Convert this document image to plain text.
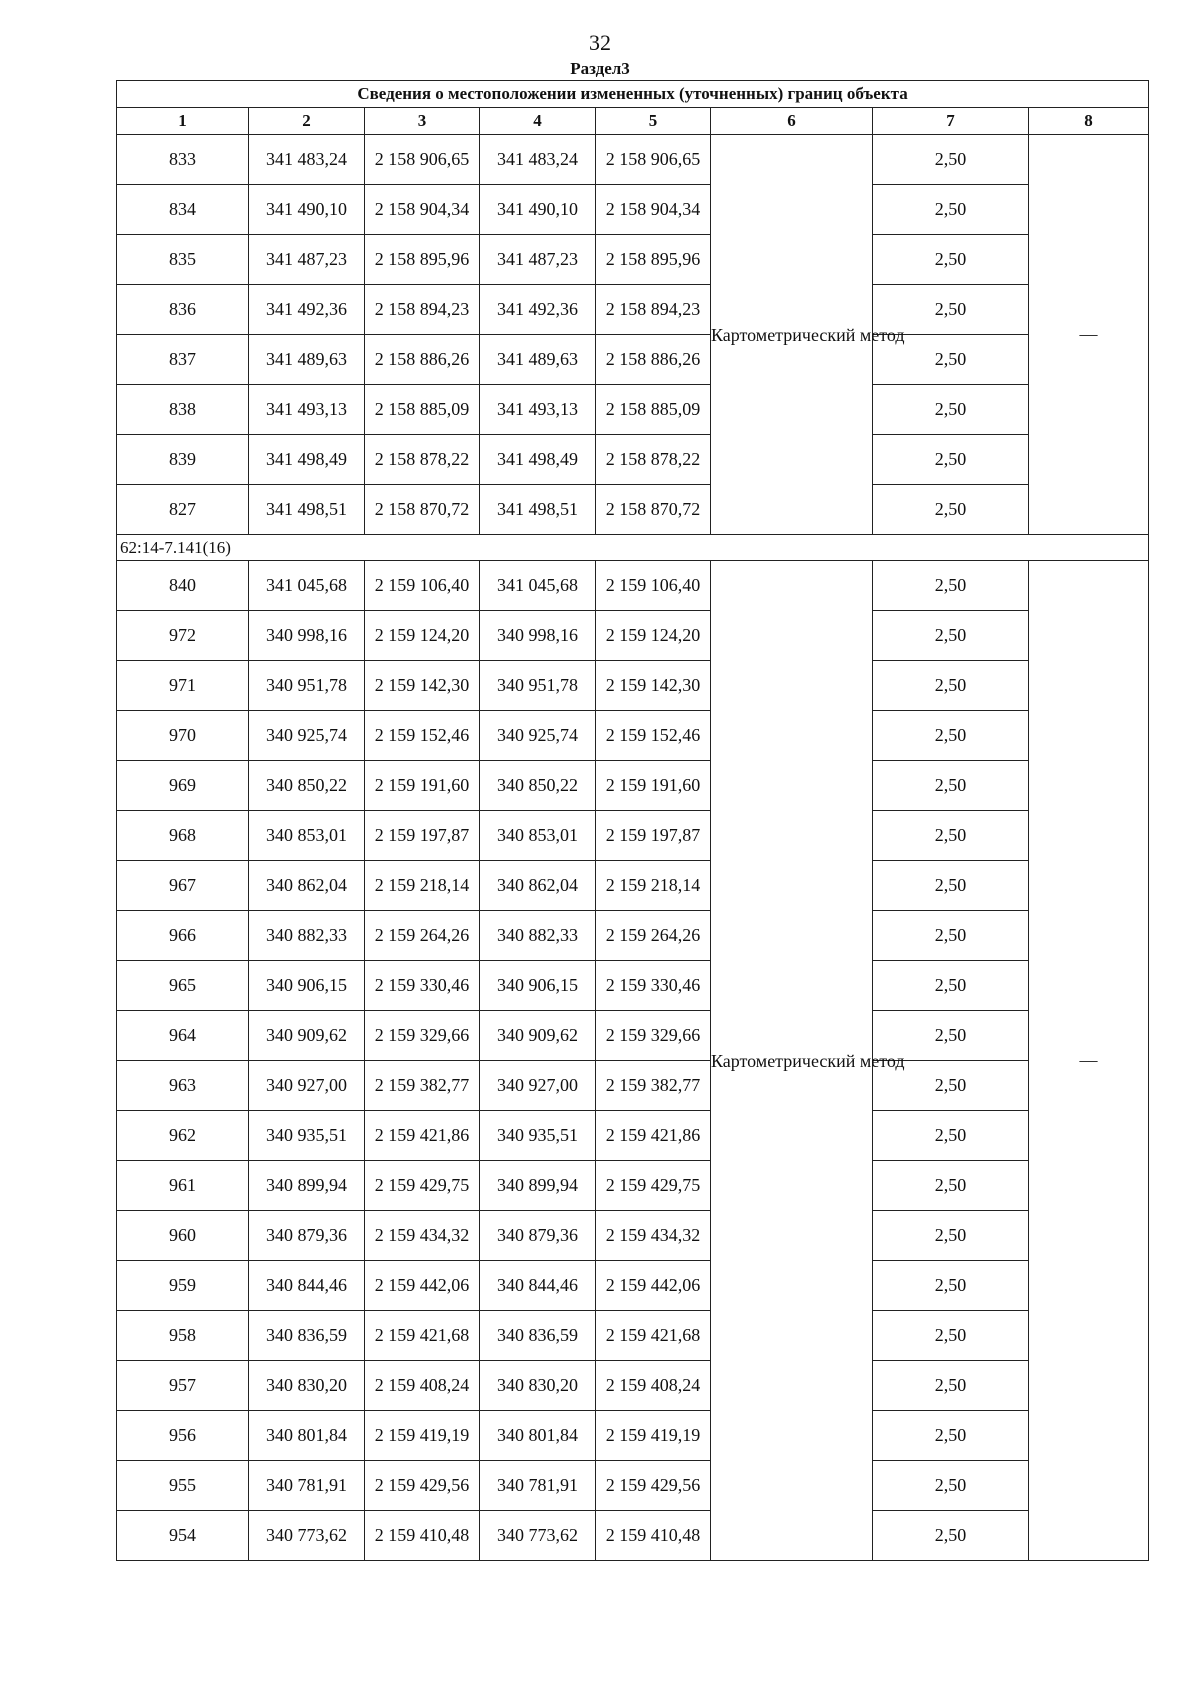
32
Раздел3
Сведения о местоположении измененных (уточненных) границ объекта							
1	2	3	4	5	6	7	8
833	341 483,24	2 158 906,65	341 483,24	2 158 906,65	Картометрический метод	2,50	—
834	341 490,10	2 158 904,34	341 490,10	2 158 904,34		2,50	
835	341 487,23	2 158 895,96	341 487,23	2 158 895,96		2,50	
836	341 492,36	2 158 894,23	341 492,36	2 158 894,23		2,50	
837	341 489,63	2 158 886,26	341 489,63	2 158 886,26		2,50	
838	341 493,13	2 158 885,09	341 493,13	2 158 885,09		2,50	
839	341 498,49	2 158 878,22	341 498,49	2 158 878,22		2,50	
827	341 498,51	2 158 870,72	341 498,51	2 158 870,72		2,50	
62:14-7.141(16)							
840	341 045,68	2 159 106,40	341 045,68	2 159 106,40	Картометрический метод	2,50	—
972	340 998,16	2 159 124,20	340 998,16	2 159 124,20		2,50	
971	340 951,78	2 159 142,30	340 951,78	2 159 142,30		2,50	
970	340 925,74	2 159 152,46	340 925,74	2 159 152,46		2,50	
969	340 850,22	2 159 191,60	340 850,22	2 159 191,60		2,50	
968	340 853,01	2 159 197,87	340 853,01	2 159 197,87		2,50	
967	340 862,04	2 159 218,14	340 862,04	2 159 218,14		2,50	
966	340 882,33	2 159 264,26	340 882,33	2 159 264,26		2,50	
965	340 906,15	2 159 330,46	340 906,15	2 159 330,46		2,50	
964	340 909,62	2 159 329,66	340 909,62	2 159 329,66		2,50	
963	340 927,00	2 159 382,77	340 927,00	2 159 382,77		2,50	
962	340 935,51	2 159 421,86	340 935,51	2 159 421,86		2,50	
961	340 899,94	2 159 429,75	340 899,94	2 159 429,75		2,50	
960	340 879,36	2 159 434,32	340 879,36	2 159 434,32		2,50	
959	340 844,46	2 159 442,06	340 844,46	2 159 442,06		2,50	
958	340 836,59	2 159 421,68	340 836,59	2 159 421,68		2,50	
957	340 830,20	2 159 408,24	340 830,20	2 159 408,24		2,50	
956	340 801,84	2 159 419,19	340 801,84	2 159 419,19		2,50	
955	340 781,91	2 159 429,56	340 781,91	2 159 429,56		2,50	
954	340 773,62	2 159 410,48	340 773,62	2 159 410,48		2,50	
